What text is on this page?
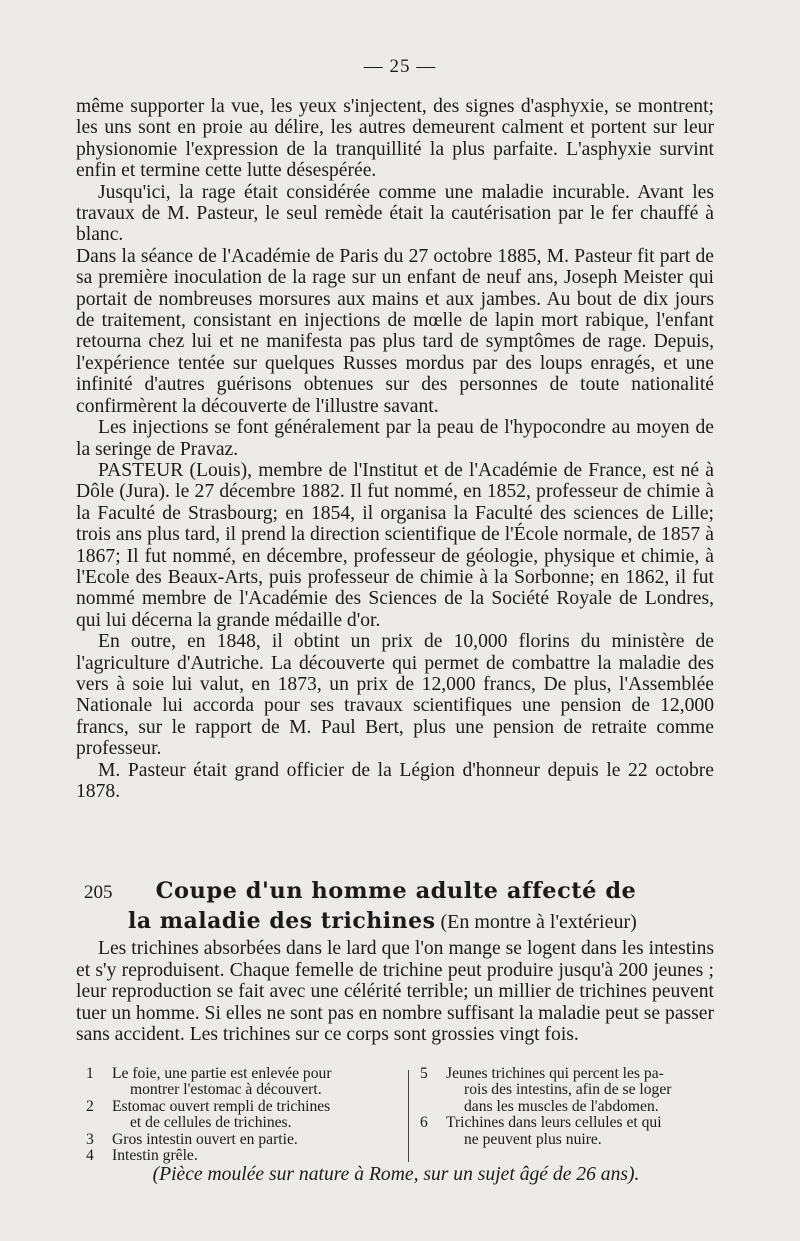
— 25 —

même supporter la vue, les yeux s'injectent, des signes d'asphyxie, se montrent; les uns sont en proie au délire, les autres demeurent calment et portent sur leur physionomie l'expression de la tranquillité la plus parfaite. L'asphyxie survint enfin et termine cette lutte désespérée.

Jusqu'ici, la rage était considérée comme une maladie incurable. Avant les travaux de M. Pasteur, le seul remède était la cautérisation par le fer chauffé à blanc.

Dans la séance de l'Académie de Paris du 27 octobre 1885, M. Pasteur fit part de sa première inoculation de la rage sur un enfant de neuf ans, Joseph Meister qui portait de nombreuses morsures aux mains et aux jambes. Au bout de dix jours de traitement, consistant en injections de mœlle de lapin mort rabique, l'enfant retourna chez lui et ne manifesta pas plus tard de symptômes de rage. Depuis, l'expérience tentée sur quelques Russes mordus par des loups enragés, et une infinité d'autres guérisons obtenues sur des personnes de toute nationalité confirmèrent la découverte de l'illustre savant.

Les injections se font généralement par la peau de l'hypocondre au moyen de la seringe de Pravaz.

PASTEUR (Louis), membre de l'Institut et de l'Académie de France, est né à Dôle (Jura). le 27 décembre 1882. Il fut nommé, en 1852, professeur de chimie à la Faculté de Strasbourg; en 1854, il organisa la Faculté des sciences de Lille; trois ans plus tard, il prend la direction scientifique de l'École normale, de 1857 à 1867; Il fut nommé, en décembre, professeur de géologie, physique et chimie, à l'Ecole des Beaux-Arts, puis professeur de chimie à la Sorbonne; en 1862, il fut nommé membre de l'Académie des Sciences de la Société Royale de Londres, qui lui décerna la grande médaille d'or.

En outre, en 1848, il obtint un prix de 10,000 florins du ministère de l'agriculture d'Autriche. La découverte qui permet de combattre la maladie des vers à soie lui valut, en 1873, un prix de 12,000 francs, De plus, l'Assemblée Nationale lui accorda pour ses travaux scientifiques une pension de 12,000 francs, sur le rapport de M. Paul Bert, plus une pension de retraite comme professeur.

M. Pasteur était grand officier de la Légion d'honneur depuis le 22 octobre 1878.

205	Coupe d'un homme adulte affecté de
la maladie des trichines (En montre à l'extérieur)

Les trichines absorbées dans le lard que l'on mange se logent dans les intestins et s'y reproduisent. Chaque femelle de trichine peut produire jusqu'à 200 jeunes ; leur reproduction se fait avec une célérité terrible; un millier de trichines peuvent tuer un homme. Si elles ne sont pas en nombre suffisant la maladie peut se passer sans accident. Les trichines sur ce corps sont grossies vingt fois.

1	Le foie, une partie est enlevée pour
montrer l'estomac à découvert.
2	Estomac ouvert rempli de trichines
et de cellules de trichines.
3	Gros intestin ouvert en partie.
4	Intestin grêle.
5	Jeunes trichines qui percent les pa-
rois des intestins, afin de se loger
dans les muscles de l'abdomen.
6	Trichines dans leurs cellules et qui
ne peuvent plus nuire.
(Pièce moulée sur nature à Rome, sur un sujet âgé de 26 ans).
